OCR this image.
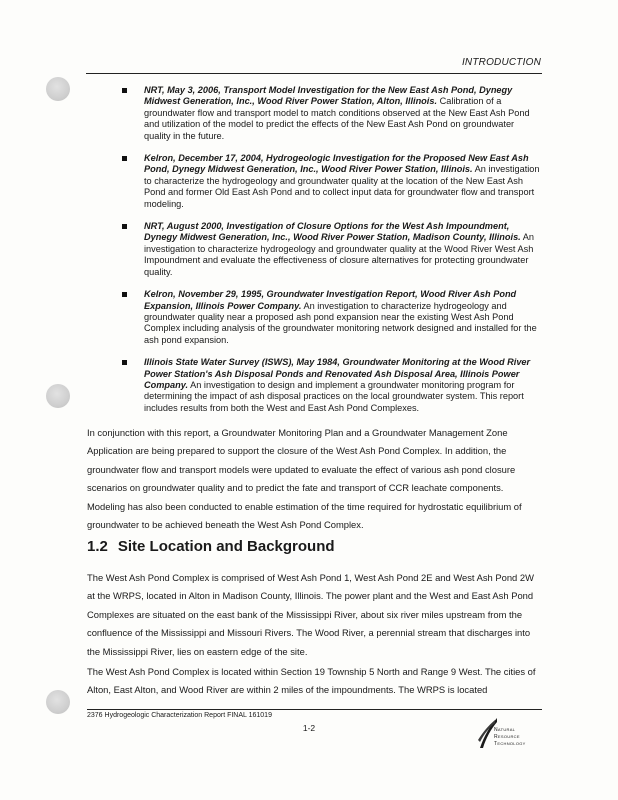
INTRODUCTION
NRT, May 3, 2006, Transport Model Investigation for the New East Ash Pond, Dynegy Midwest Generation, Inc., Wood River Power Station, Alton, Illinois. Calibration of a groundwater flow and transport model to match conditions observed at the New East Ash Pond and utilization of the model to predict the effects of the New East Ash Pond on groundwater quality in the future.
Kelron, December 17, 2004, Hydrogeologic Investigation for the Proposed New East Ash Pond, Dynegy Midwest Generation, Inc., Wood River Power Station, Illinois. An investigation to characterize the hydrogeology and groundwater quality at the location of the New East Ash Pond and former Old East Ash Pond and to collect input data for groundwater flow and transport modeling.
NRT, August 2000, Investigation of Closure Options for the West Ash Impoundment, Dynegy Midwest Generation, Inc., Wood River Power Station, Madison County, Illinois. An investigation to characterize hydrogeology and groundwater quality at the Wood River West Ash Impoundment and evaluate the effectiveness of closure alternatives for protecting groundwater quality.
Kelron, November 29, 1995, Groundwater Investigation Report, Wood River Ash Pond Expansion, Illinois Power Company. An investigation to characterize hydrogeology and groundwater quality near a proposed ash pond expansion near the existing West Ash Pond Complex including analysis of the groundwater monitoring network designed and installed for the ash pond expansion.
Illinois State Water Survey (ISWS), May 1984, Groundwater Monitoring at the Wood River Power Station's Ash Disposal Ponds and Renovated Ash Disposal Area, Illinois Power Company. An investigation to design and implement a groundwater monitoring program for determining the impact of ash disposal practices on the local groundwater system. This report includes results from both the West and East Ash Pond Complexes.
In conjunction with this report, a Groundwater Monitoring Plan and a Groundwater Management Zone Application are being prepared to support the closure of the West Ash Pond Complex. In addition, the groundwater flow and transport models were updated to evaluate the effect of various ash pond closure scenarios on groundwater quality and to predict the fate and transport of CCR leachate components. Modeling has also been conducted to enable estimation of the time required for hydrostatic equilibrium of groundwater to be achieved beneath the West Ash Pond Complex.
1.2 Site Location and Background
The West Ash Pond Complex is comprised of West Ash Pond 1, West Ash Pond 2E and West Ash Pond 2W at the WRPS, located in Alton in Madison County, Illinois. The power plant and the West and East Ash Pond Complexes are situated on the east bank of the Mississippi River, about six river miles upstream from the confluence of the Mississippi and Missouri Rivers. The Wood River, a perennial stream that discharges into the Mississippi River, lies on eastern edge of the site.
The West Ash Pond Complex is located within Section 19 Township 5 North and Range 9 West. The cities of Alton, East Alton, and Wood River are within 2 miles of the impoundments. The WRPS is located
2376 Hydrogeologic Characterization Report FINAL 161019
1-2	Natural
Resource
Technology
